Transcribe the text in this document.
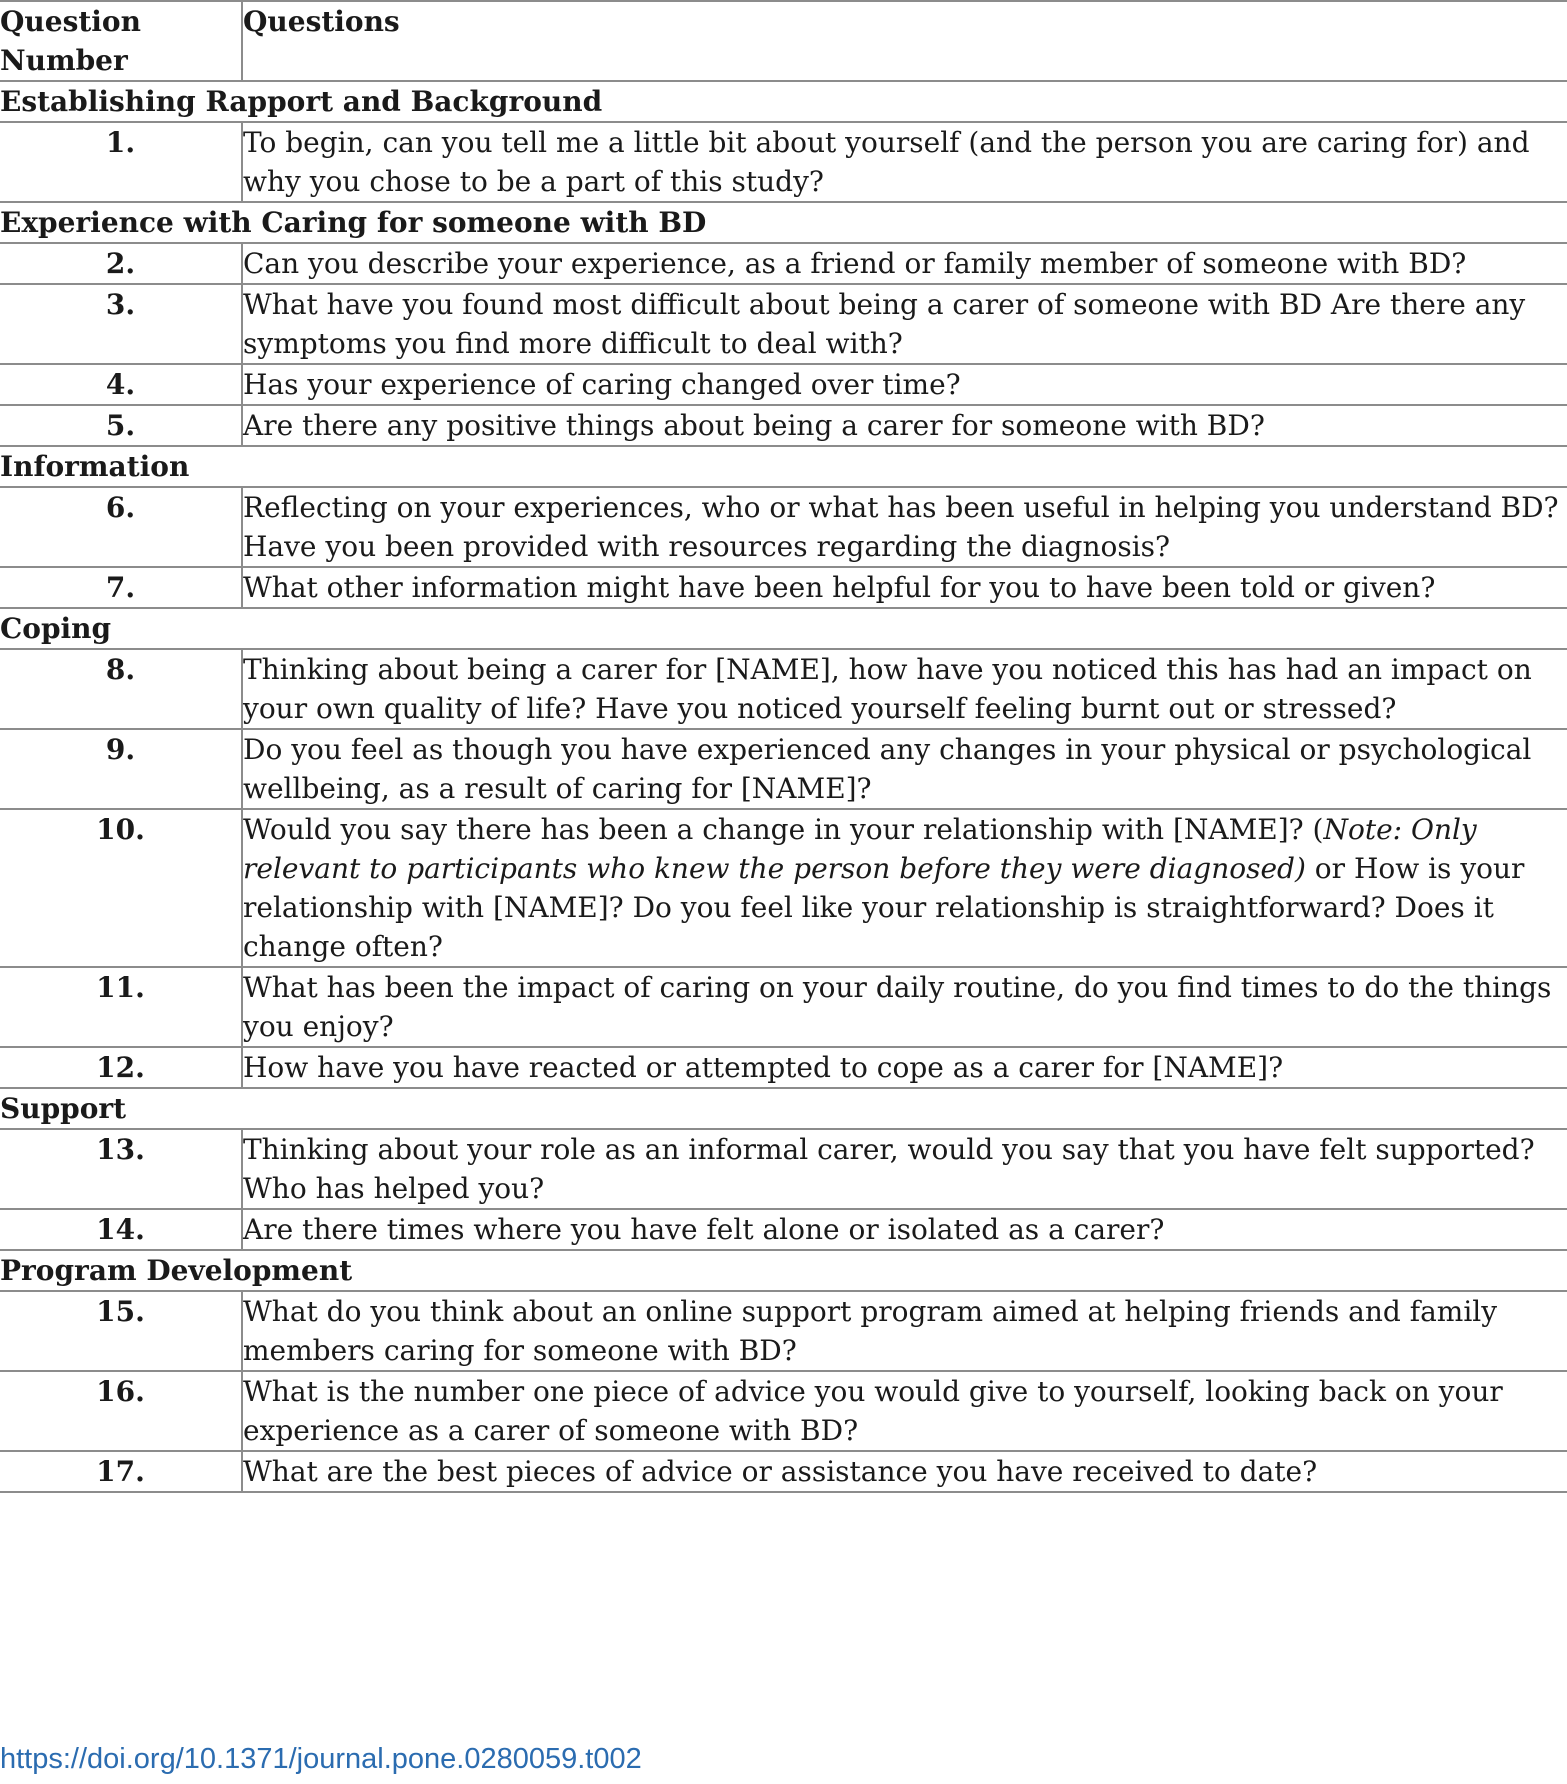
Question Number	Questions
Establishing Rapport and Background	
1.	To begin, can you tell me a little bit about yourself (and the person you are caring for) and why you chose to be a part of this study?
Experience with Caring for someone with BD	
2.	Can you describe your experience, as a friend or family member of someone with BD?
3.	What have you found most difficult about being a carer of someone with BD Are there any symptoms you find more difficult to deal with?
4.	Has your experience of caring changed over time?
5.	Are there any positive things about being a carer for someone with BD?
Information	
6.	Reflecting on your experiences, who or what has been useful in helping you understand BD? Have you been provided with resources regarding the diagnosis?
7.	What other information might have been helpful for you to have been told or given?
Coping	
8.	Thinking about being a carer for [NAME], how have you noticed this has had an impact on your own quality of life? Have you noticed yourself feeling burnt out or stressed?
9.	Do you feel as though you have experienced any changes in your physical or psychological wellbeing, as a result of caring for [NAME]?
10.	Would you say there has been a change in your relationship with [NAME]? (Note: Only relevant to participants who knew the person before they were diagnosed) or How is your relationship with [NAME]? Do you feel like your relationship is straightforward? Does it change often?
11.	What has been the impact of caring on your daily routine, do you find times to do the things you enjoy?
12.	How have you have reacted or attempted to cope as a carer for [NAME]?
Support	
13.	Thinking about your role as an informal carer, would you say that you have felt supported? Who has helped you?
14.	Are there times where you have felt alone or isolated as a carer?
Program Development	
15.	What do you think about an online support program aimed at helping friends and family members caring for someone with BD?
16.	What is the number one piece of advice you would give to yourself, looking back on your experience as a carer of someone with BD?
17.	What are the best pieces of advice or assistance you have received to date?
https://doi.org/10.1371/journal.pone.0280059.t002
